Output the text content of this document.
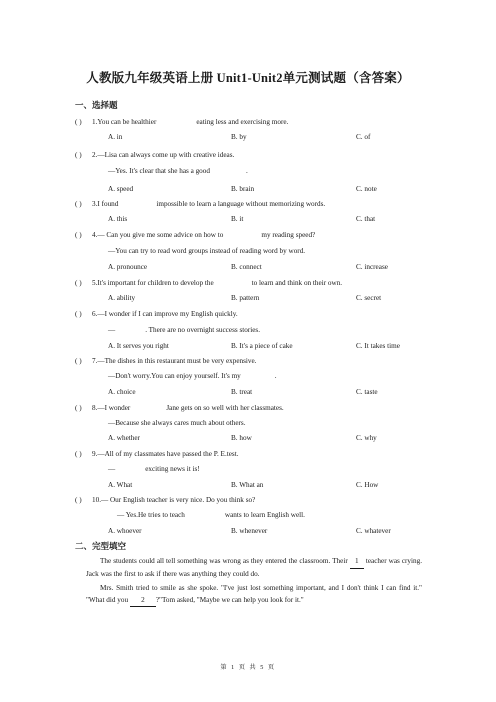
人教版九年级英语上册 Unit1-Unit2单元测试题（含答案）
一、选择题
( ) 1.You can be healthier	eating less and exercising more.
A. in	B. by	C. of
( ) 2.—Lisa can always come up with creative ideas.
—Yes. It's clear that she has a good	.
A. speed	B. brain	C. note
( ) 3.I found	impossible to learn a language without memorizing words.
A. this	B. it	C. that
( ) 4.— Can you give me some advice on how to	my reading speed?
—You can try to read word groups instead of reading word by word.
A. pronounce	B. connect	C. increase
( ) 5.It's important for children to develop the	to learn and think on their own.
A. ability	B. pattern	C. secret
( ) 6.—I wonder if I can improve my English quickly.
—	. There are no overnight success stories.
A. It serves you right	B. It's a piece of cake	C. It takes time
( ) 7.—The dishes in this restaurant must be very expensive.
—Don't worry.You can enjoy yourself. It's my	.
A. choice	B. treat	C. taste
( ) 8.—I wonder	Jane gets on so well with her classmates.
—Because she always cares much about others.
A. whether	B. how	C. why
( ) 9.—All of my classmates have passed the P. E.test.
—	exciting news it is!
A. What	B. What an	C. How
( ) 10.— Our English teacher is very nice. Do you think so?
— Yes.He tries to teach	wants to learn English well.
A. whoever	B. whenever	C. whatever
二、完型填空
The students could all tell something was wrong as they entered the classroom. Their 1 teacher was crying. Jack was the first to ask if there was anything they could do.
Mrs. Smith tried to smile as she spoke. "I've just lost something important, and I don't think I can find it." "What did you 2 ?"Tom asked, "Maybe we can help you look for it."
第 1 页 共 5 页
